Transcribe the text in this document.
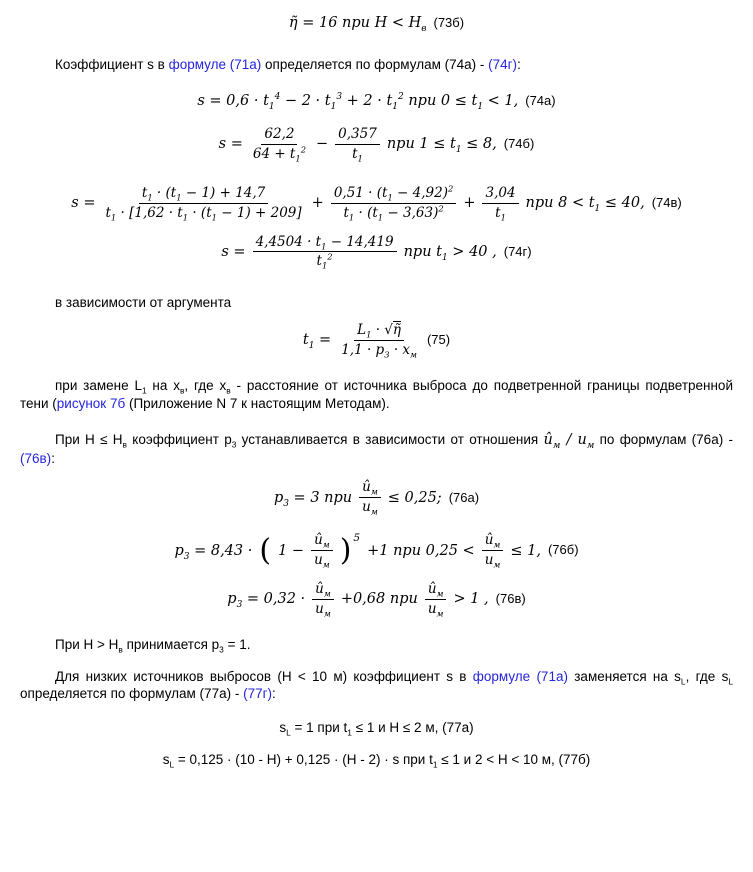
η̃ = 16 при $H < H_в$ (73б)

Коэффициент s в формуле (71а) определяется по формулам (74а) - (74г):

$s = 0,6 \cdot t_1^4 - 2 \cdot t_1^3 + 2 \cdot t_1^2$ при $0 \le t_1 < 1$, (74а)
$s = \frac{62,2}{64 + t_1^2} - \frac{0,357}{t_1}$ при $1 \le t_1 \le 8$, (74б)
$s = \frac{t_1 \cdot (t_1 - 1) + 14,7}{t_1 \cdot [1,62 \cdot t_1 \cdot (t_1 - 1) + 209]} + \frac{0,51 \cdot (t_1 - 4,92)^2}{t_1 \cdot (t_1 - 3,63)^2} + \frac{3,04}{t_1}$ при $8 < t_1 \le 40$, (74в)
$s = \frac{4,4504 \cdot t_1 - 14,419}{t_1^2}$ при $t_1 > 40$ , (74г)

в зависимости от аргумента

$t_1 = \frac{L_1 \cdot √\etã}{1,1 \cdot p_3 \cdot x_м} (75)$

при замене $L_1$ на $x_в$, где $x_в$ - расстояние от источника выброса до подветренной границы подветренной тени (рисунок 7б (Приложение N 7 к настоящим Методам).

При $H \le H_в$ коэффициент $p_3$ устанавливается в зависимости от отношения $û_м / u_м$ по формулам (76а) - (76в):

$p_3 = 3$ при $\frac{û_м}{u_м} \le 0,25$; (76а)
$p_3 = 8,43$ · ( $1 - \frac{û_м}{u_м}$ ) 5
+1 при $0,25 < \frac{û_м}{u_м} \le 1$, (76б)
$p_3 = 0,32 \cdot \frac{û_м}{u_м} +0,68$ при $\frac{û_м}{u_м} > 1$ , (76в)

При $H > H_в$ принимается $p_3 = 1$.

Для низких источников выбросов (H < 10 м) коэффициент s в формуле (71а) заменяется на $s_L$, где $s_L$ определяется по формулам (77а) - (77г):

$s_L = 1$ при $t_1 \le 1$ и H ≤ 2 м, (77а)
$s_L = 0,125 \cdot (10 - H) + 0,125 \cdot (H - 2) \cdot s$ при $t_1 \le 1$ и 2 < H < 10 м, (77б)
